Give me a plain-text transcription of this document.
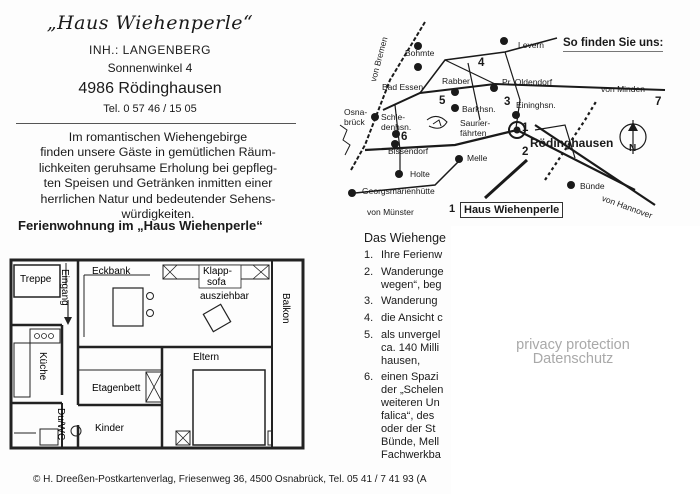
„Haus Wiehenperle“
INH.: LANGENBERG
Sonnenwinkel 4
4986 Rödinghausen
Tel. 0 57 46 / 15 05
Im romantischen Wiehengebirge
finden unsere Gäste in gemütlichen Räum-
lichkeiten geruhsame Erholung bei gepfleg-
ten Speisen und Getränken inmitten einer
herrlichen Natur und bedeutender Sehens-
würdigkeiten.
Ferienwohnung im „Haus Wiehenperle“
Treppe Eingang Eckbank	Klapp-
sofa
ausziehbar	Balkon
Küche	Eltern
Etagenbett
Kinder
Du/WC
So finden Sie uns:
Bohmte
Levern
Bad Essen
Rabber	Pr. Oldendorf
von Minden
Osna-
brück Schle-
denhsn.
Barkhsn. Eininghsn.
Saurier-
fährten
Bissendorf
Melle
Rödinghausen
Holte
Bünde
Georgsmarienhütte
von Münster	von Hannover
von Bremen
N
4
5	3
6
1
2
7
1 Haus Wiehenperle
Das Wiehenge
1. Ihre Ferienw
2. Wanderunge
wegen“, beg
3. Wanderung
4. die Ansicht c
5. als unvergel
ca. 140 Milli
hausen,
6. einen Spazi
der „Schelen
weiteren Un
falica“, des
oder der St
Bünde, Mell
Fachwerkba
privacy protection
Datenschutz
© H. Dreeßen-Postkartenverlag, Friesenweg 36, 4500 Osnabrück, Tel. 05 41 / 7 41 93 (A
